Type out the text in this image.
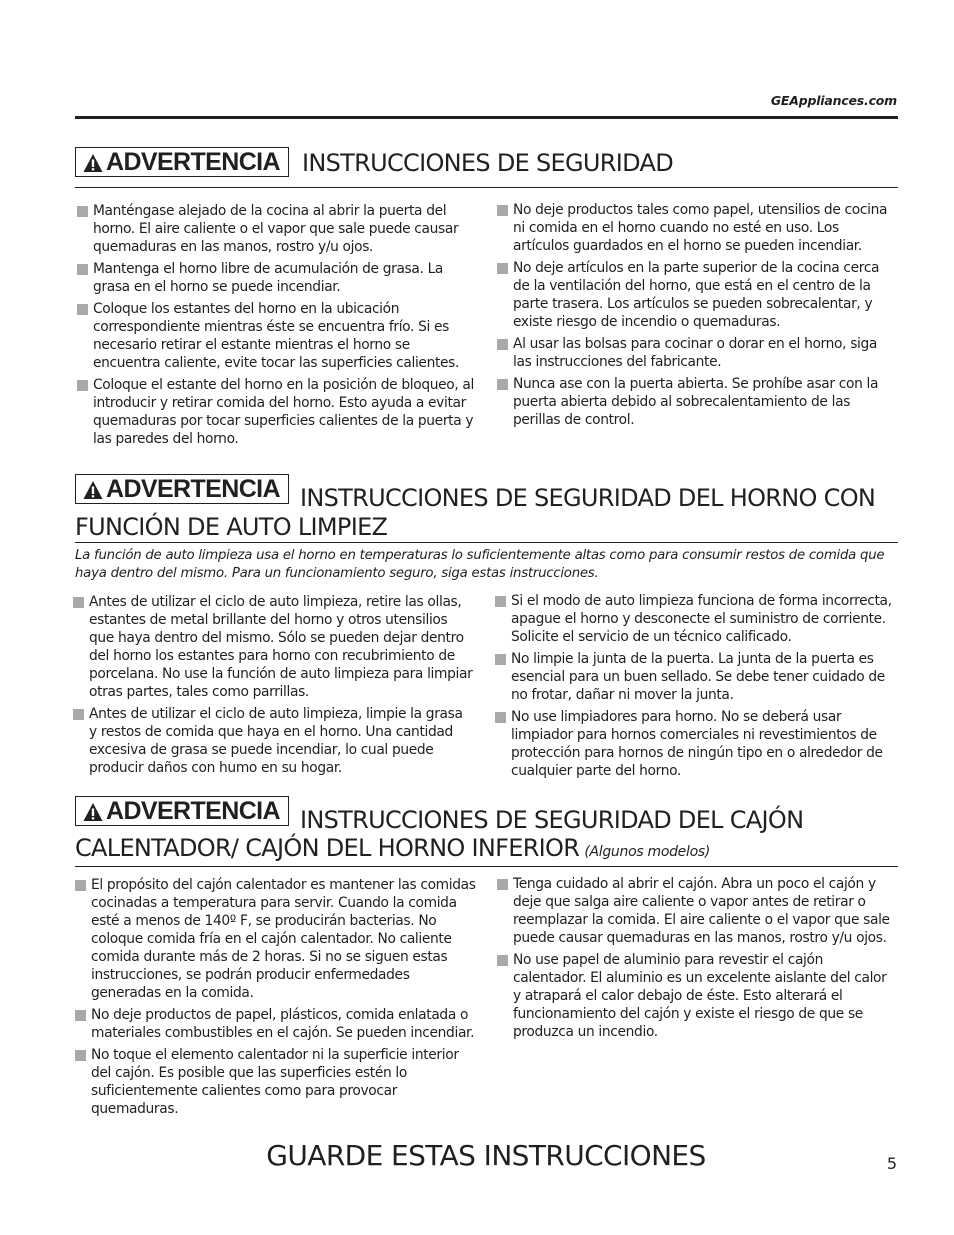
GEAppliances.com
ADVERTENCIA INSTRUCCIONES DE SEGURIDAD
Manténgase alejado de la cocina al abrir la puerta del horno. El aire caliente o el vapor que sale puede causar quemaduras en las manos, rostro y/u ojos.
Mantenga el horno libre de acumulación de grasa. La grasa en el horno se puede incendiar.
Coloque los estantes del horno en la ubicación correspondiente mientras éste se encuentra frío. Si es necesario retirar el estante mientras el horno se encuentra caliente, evite tocar las superficies calientes.
Coloque el estante del horno en la posición de bloqueo, al introducir y retirar comida del horno. Esto ayuda a evitar quemaduras por tocar superficies calientes de la puerta y las paredes del horno.
No deje productos tales como papel, utensilios de cocina ni comida en el horno cuando no esté en uso. Los artículos guardados en el horno se pueden incendiar.
No deje artículos en la parte superior de la cocina cerca de la ventilación del horno, que está en el centro de la parte trasera. Los artículos se pueden sobrecalentar, y existe riesgo de incendio o quemaduras.
Al usar las bolsas para cocinar o dorar en el horno, siga las instrucciones del fabricante.
Nunca ase con la puerta abierta. Se prohíbe asar con la puerta abierta debido al sobrecalentamiento de las perillas de control.
ADVERTENCIA INSTRUCCIONES DE SEGURIDAD DEL HORNO CON
FUNCIÓN DE AUTO LIMPIEZ
La función de auto limpieza usa el horno en temperaturas lo suficientemente altas como para consumir restos de comida que haya dentro del mismo. Para un funcionamiento seguro, siga estas instrucciones.
Antes de utilizar el ciclo de auto limpieza, retire las ollas, estantes de metal brillante del horno y otros utensilios que haya dentro del mismo. Sólo se pueden dejar dentro del horno los estantes para horno con recubrimiento de porcelana. No use la función de auto limpieza para limpiar otras partes, tales como parrillas.
Antes de utilizar el ciclo de auto limpieza, limpie la grasa y restos de comida que haya en el horno. Una cantidad excesiva de grasa se puede incendiar, lo cual puede producir daños con humo en su hogar.
Si el modo de auto limpieza funciona de forma incorrecta, apague el horno y desconecte el suministro de corriente. Solicite el servicio de un técnico calificado.
No limpie la junta de la puerta. La junta de la puerta es esencial para un buen sellado. Se debe tener cuidado de no frotar, dañar ni mover la junta.
No use limpiadores para horno. No se deberá usar limpiador para hornos comerciales ni revestimientos de protección para hornos de ningún tipo en o alrededor de cualquier parte del horno.
ADVERTENCIA INSTRUCCIONES DE SEGURIDAD DEL CAJÓN
CALENTADOR/ CAJÓN DEL HORNO INFERIOR (Algunos modelos)
El propósito del cajón calentador es mantener las comidas cocinadas a temperatura para servir. Cuando la comida esté a menos de 140º F, se producirán bacterias. No coloque comida fría en el cajón calentador. No caliente comida durante más de 2 horas. Si no se siguen estas instrucciones, se podrán producir enfermedades generadas en la comida.
No deje productos de papel, plásticos, comida enlatada o materiales combustibles en el cajón. Se pueden incendiar.
No toque el elemento calentador ni la superficie interior del cajón. Es posible que las superficies estén lo suficientemente calientes como para provocar quemaduras.
Tenga cuidado al abrir el cajón. Abra un poco el cajón y deje que salga aire caliente o vapor antes de retirar o reemplazar la comida. El aire caliente o el vapor que sale puede causar quemaduras en las manos, rostro y/u ojos.
No use papel de aluminio para revestir el cajón calentador. El aluminio es un excelente aislante del calor y atrapará el calor debajo de éste. Esto alterará el funcionamiento del cajón y existe el riesgo de que se produzca un incendio.
GUARDE ESTAS INSTRUCCIONES	5
